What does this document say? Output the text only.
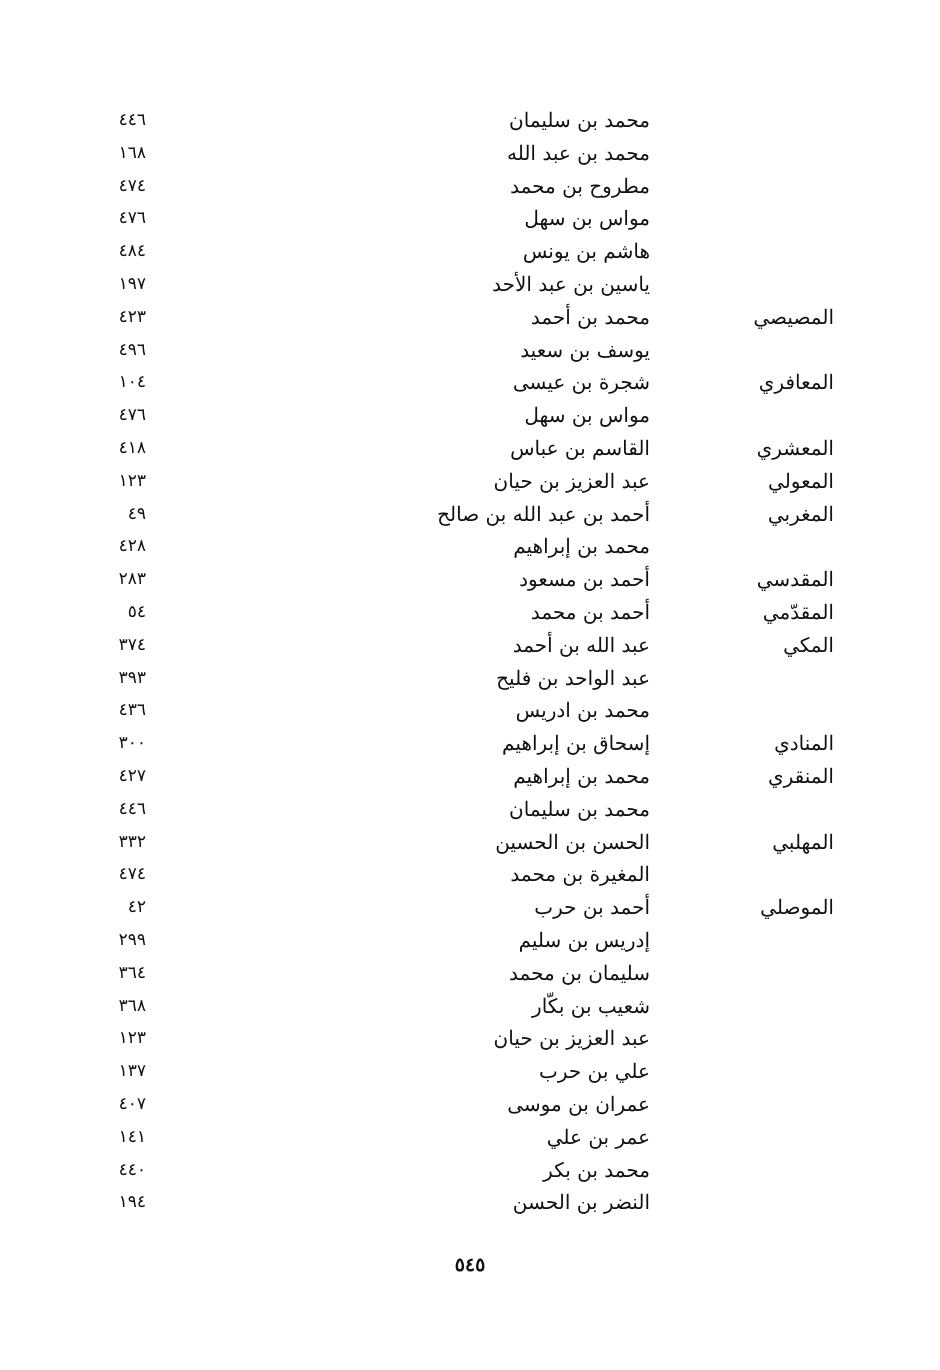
محمد بن سليمان
٤٤٦
محمد بن عبد الله
١٦٨
مطروح بن محمد
٤٧٤
مواس بن سهل
٤٧٦
هاشم بن يونس
٤٨٤
ياسين بن عبد الأحد
١٩٧
المصيصي
محمد بن أحمد
٤٢٣
يوسف بن سعيد
٤٩٦
المعافري
شجرة بن عيسى
١٠٤
مواس بن سهل
٤٧٦
المعشري
القاسم بن عباس
٤١٨
المعولي
عبد العزيز بن حيان
١٢٣
المغربي
أحمد بن عبد الله بن صالح
٤٩
محمد بن إبراهيم
٤٢٨
المقدسي
أحمد بن مسعود
٢٨٣
المقدّمي
أحمد بن محمد
٥٤
المكي
عبد الله بن أحمد
٣٧٤
عبد الواحد بن فليح
٣٩٣
محمد بن ادريس
٤٣٦
المنادي
إسحاق بن إبراهيم
٣٠٠
المنقري
محمد بن إبراهيم
٤٢٧
محمد بن سليمان
٤٤٦
المهلبي
الحسن بن الحسين
٣٣٢
المغيرة بن محمد
٤٧٤
الموصلي
أحمد بن حرب
٤٢
إدريس بن سليم
٢٩٩
سليمان بن محمد
٣٦٤
شعيب بن بكّار
٣٦٨
عبد العزيز بن حيان
١٢٣
علي بن حرب
١٣٧
عمران بن موسى
٤٠٧
عمر بن علي
١٤١
محمد بن بكر
٤٤٠
النضر بن الحسن
١٩٤
٥٤٥
